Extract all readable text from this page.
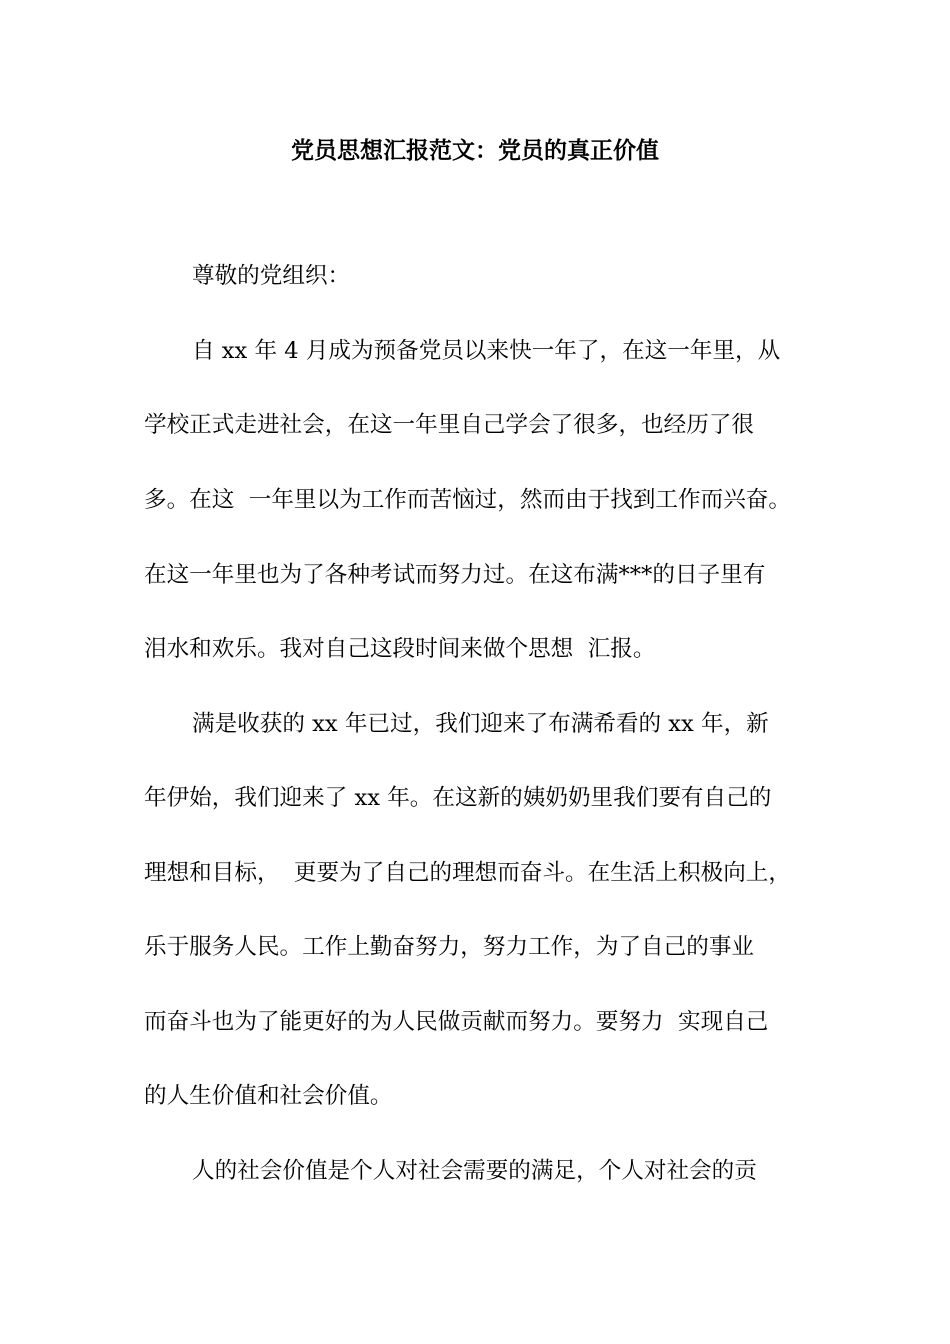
党员思想汇报范文：党员的真正价值
尊敬的党组织：
自 xx 年 4 月成为预备党员以来快一年了，在这一年里，从
学校正式走进社会，在这一年里自己学会了很多，也经历了很
多。在这  一年里以为工作而苦恼过，然而由于找到工作而兴奋。
在这一年里也为了各种考试而努力过。在这布满***的日子里有
泪水和欢乐。我对自己这段时间来做个思想  汇报。
满是收获的 xx 年已过，我们迎来了布满希看的 xx 年，新
年伊始，我们迎来了 xx 年。在这新的姨奶奶里我们要有自己的
理想和目标，  更要为了自己的理想而奋斗。在生活上积极向上，
乐于服务人民。工作上勤奋努力，努力工作，为了自己的事业
而奋斗也为了能更好的为人民做贡献而努力。要努力  实现自己
的人生价值和社会价值。
人的社会价值是个人对社会需要的满足，个人对社会的贡
